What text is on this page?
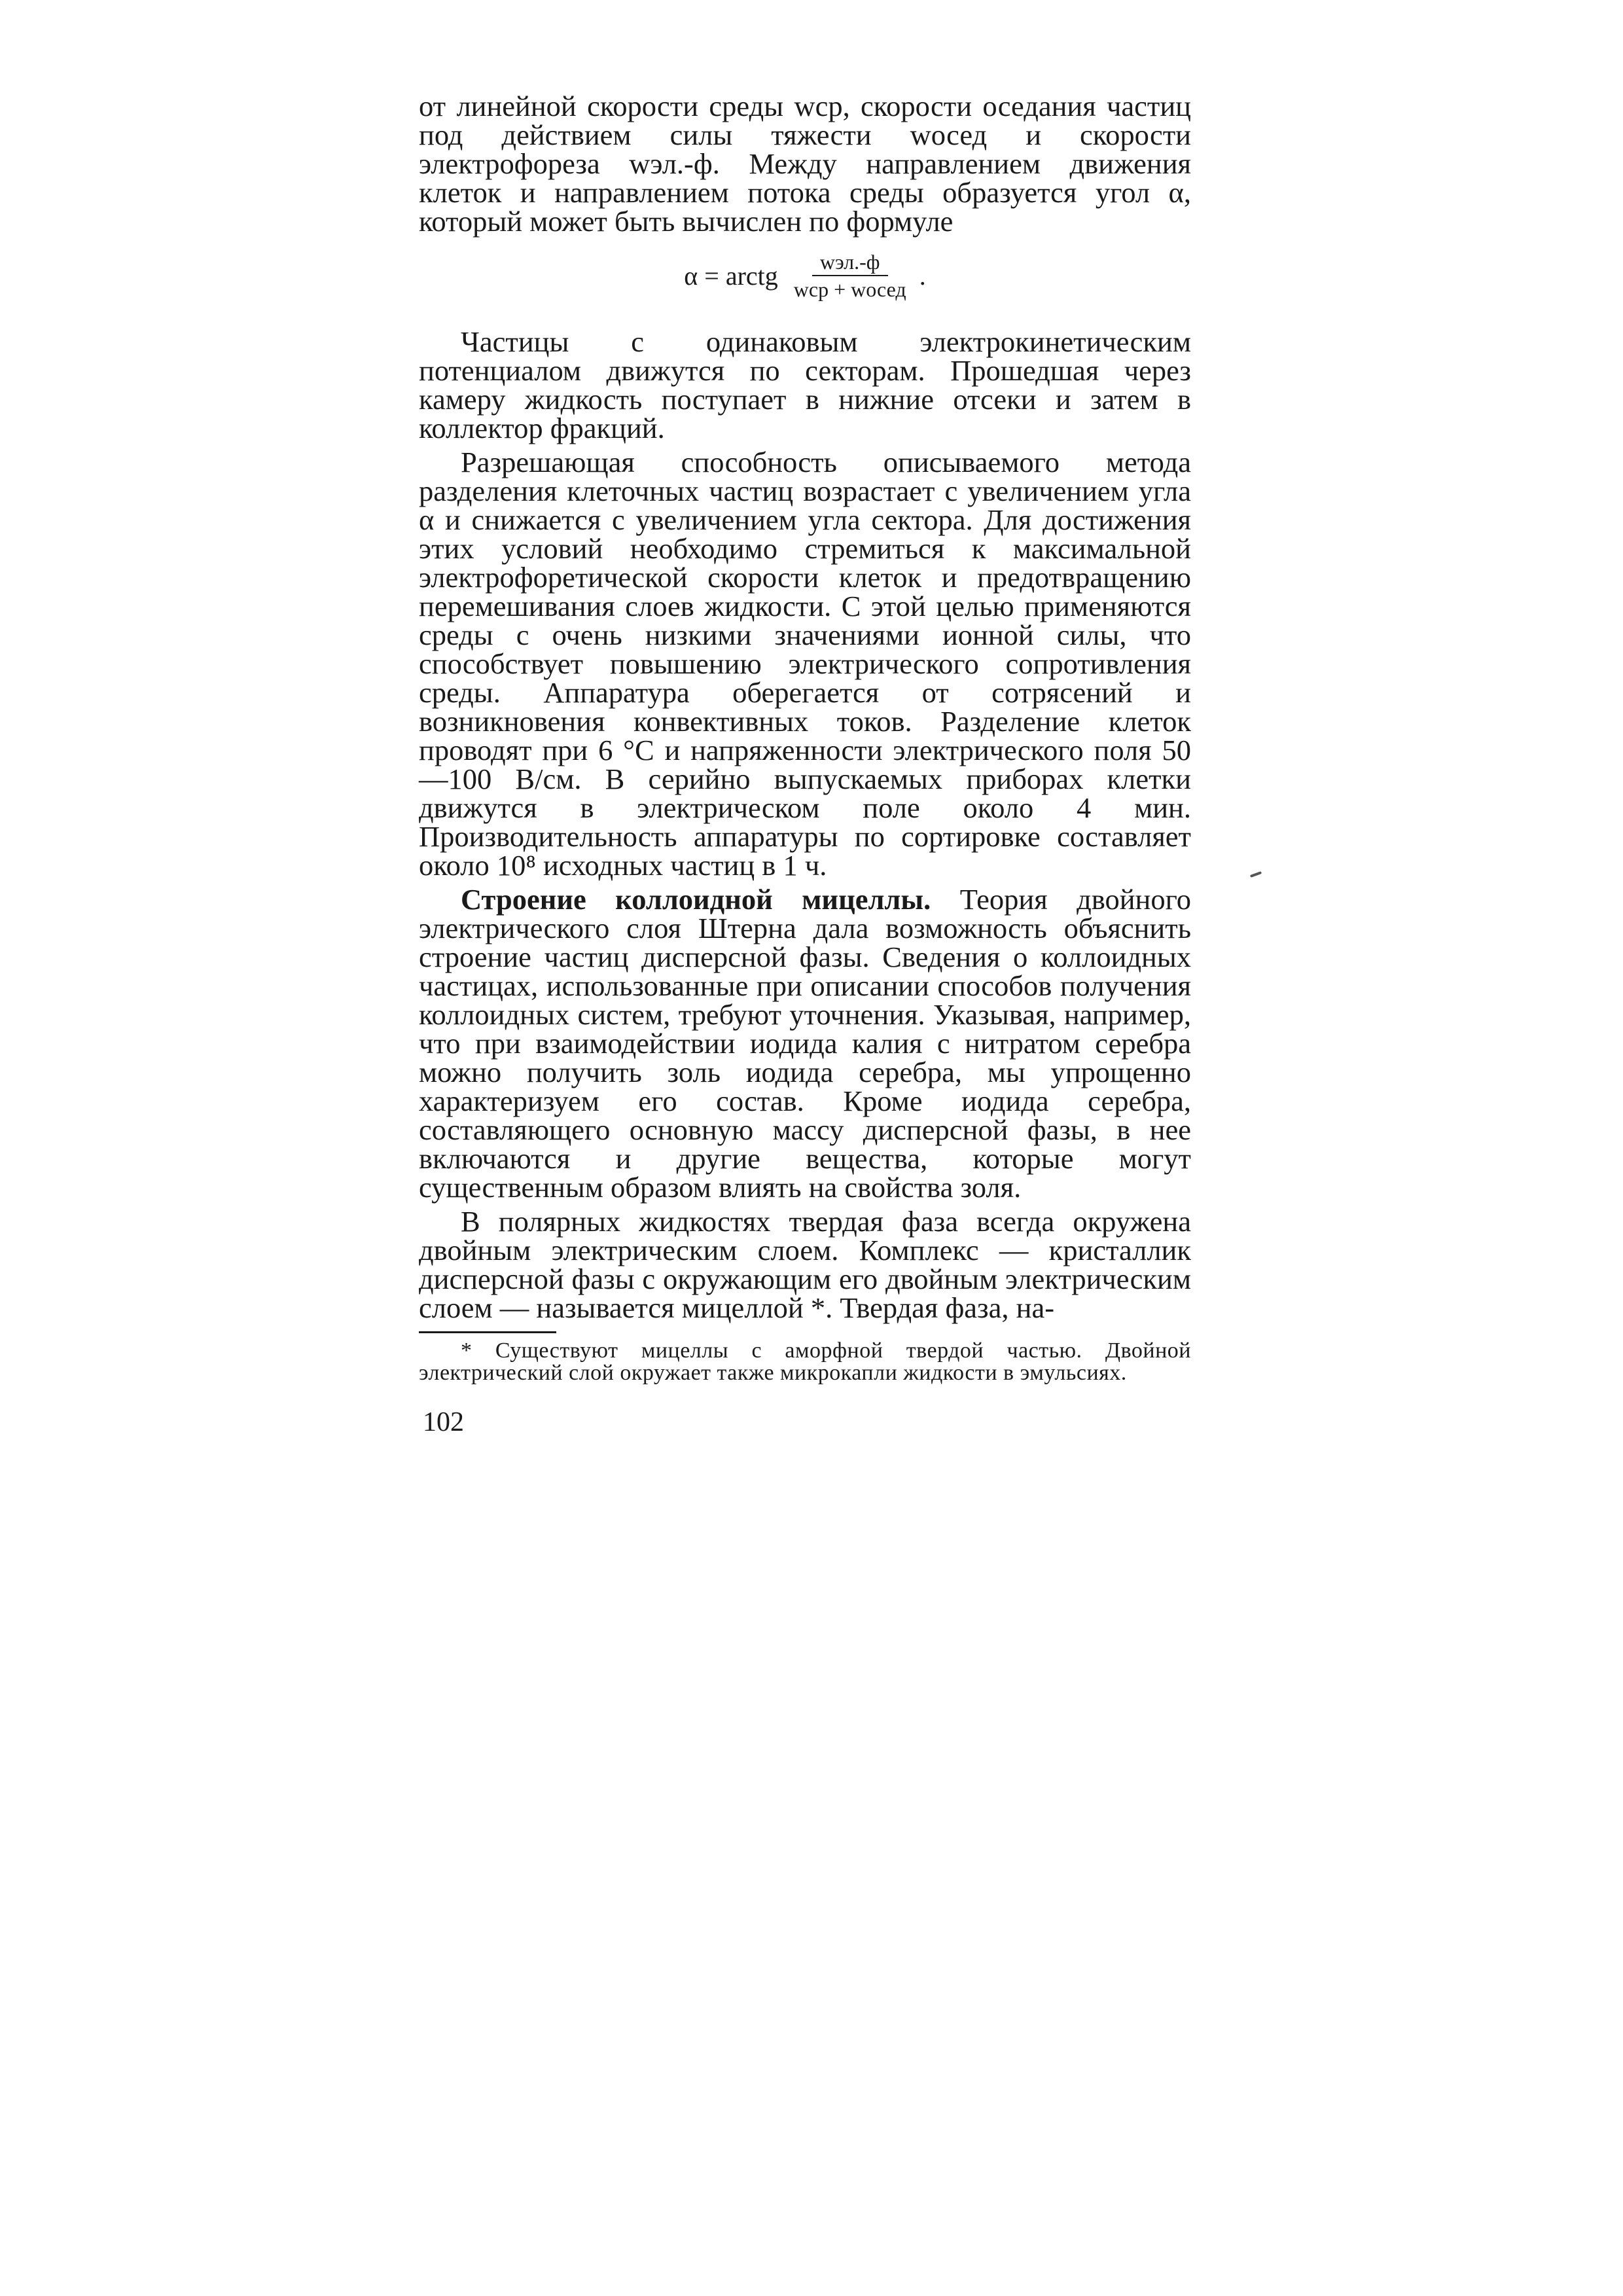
от линейной скорости среды wср, скорости оседания частиц под действием силы тяжести wосед и скорости электрофореза wэл.-ф. Между направлением движения клеток и направлением потока среды образуется угол α, который может быть вычислен по формуле

α = arctg $\frac{\text{wэл.-ф}}{\text{wср + wосед}}$ .

Частицы с одинаковым электрокинетическим потенциалом движутся по секторам. Прошедшая через камеру жидкость поступает в нижние отсеки и затем в коллектор фракций.

Разрешающая способность описываемого метода разделения клеточных частиц возрастает с увеличением угла α и снижается с увеличением угла сектора. Для достижения этих условий необходимо стремиться к максимальной электрофоретической скорости клеток и предотвращению перемешивания слоев жидкости. С этой целью применяются среды с очень низкими значениями ионной силы, что способствует повышению электрического сопротивления среды. Аппаратура оберегается от сотрясений и возникновения конвективных токов. Разделение клеток проводят при 6 °С и напряженности электрического поля 50—100 В/см. В серийно выпускаемых приборах клетки движутся в электрическом поле около 4 мин. Производительность аппаратуры по сортировке составляет около 10⁸ исходных частиц в 1 ч.

Строение коллоидной мицеллы. Теория двойного электрического слоя Штерна дала возможность объяснить строение частиц дисперсной фазы. Сведения о коллоидных частицах, использованные при описании способов получения коллоидных систем, требуют уточнения. Указывая, например, что при взаимодействии иодида калия с нитратом серебра можно получить золь иодида серебра, мы упрощенно характеризуем его состав. Кроме иодида серебра, составляющего основную массу дисперсной фазы, в нее включаются и другие вещества, которые могут существенным образом влиять на свойства золя.

В полярных жидкостях твердая фаза всегда окружена двойным электрическим слоем. Комплекс — кристаллик дисперсной фазы с окружающим его двойным электрическим слоем — называется мицеллой *. Твердая фаза, на-

* Существуют мицеллы с аморфной твердой частью. Двойной электрический слой окружает также микрокапли жидкости в эмульсиях.

102
